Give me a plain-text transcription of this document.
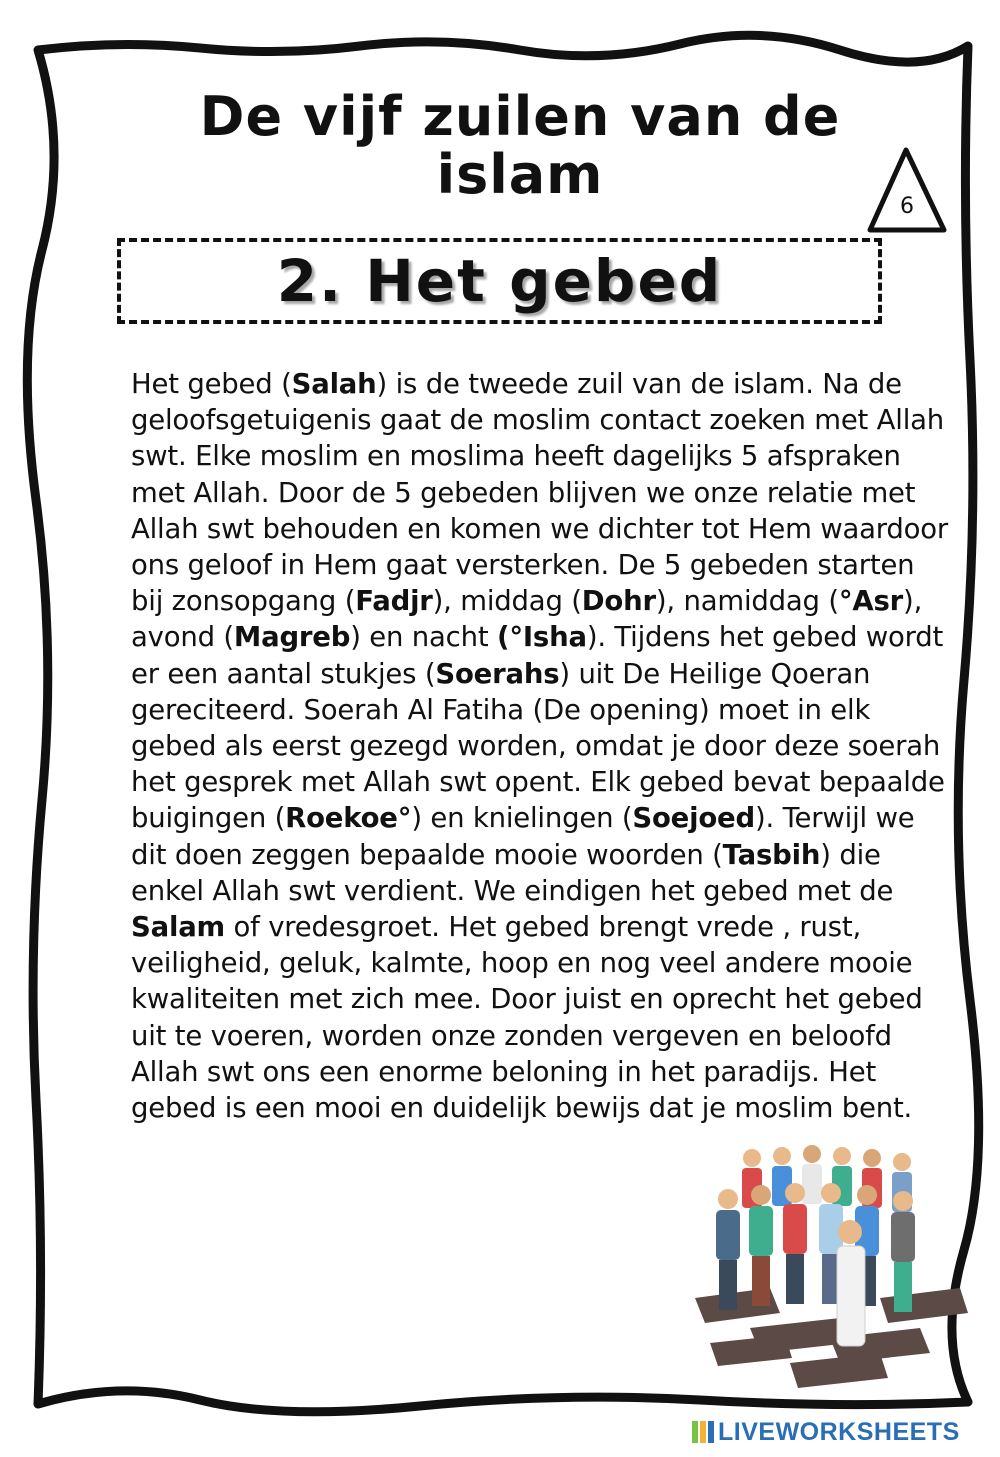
De vijf zuilen van de islam
6
2. Het gebed
Het gebed (Salah) is de tweede zuil van de islam. Na de geloofsgetuigenis gaat de moslim contact zoeken met Allah swt. Elke moslim en moslima heeft dagelijks 5 afspraken met Allah. Door de 5 gebeden blijven we onze relatie met Allah swt behouden en komen we dichter tot Hem waardoor ons geloof in Hem gaat versterken. De 5 gebeden starten bij zonsopgang (Fadjr), middag (Dohr), namiddag (°Asr), avond (Magreb) en nacht (°Isha). Tijdens het gebed wordt er een aantal stukjes (Soerahs) uit De Heilige Qoeran gereciteerd. Soerah Al Fatiha (De opening) moet in elk gebed als eerst gezegd worden, omdat je door deze soerah het gesprek met Allah swt opent. Elk gebed bevat bepaalde buigingen (Roekoe°) en knielingen (Soejoed). Terwijl we dit doen zeggen bepaalde mooie woorden (Tasbih) die enkel Allah swt verdient. We eindigen het gebed met de Salam of vredesgroet. Het gebed brengt vrede , rust, veiligheid, geluk, kalmte, hoop en nog veel andere mooie kwaliteiten met zich mee. Door juist en oprecht het gebed uit te voeren, worden onze zonden vergeven en beloofd Allah swt ons een enorme beloning in het paradijs. Het gebed is een mooi en duidelijk bewijs dat je moslim bent.
LIVEWORKSHEETS
